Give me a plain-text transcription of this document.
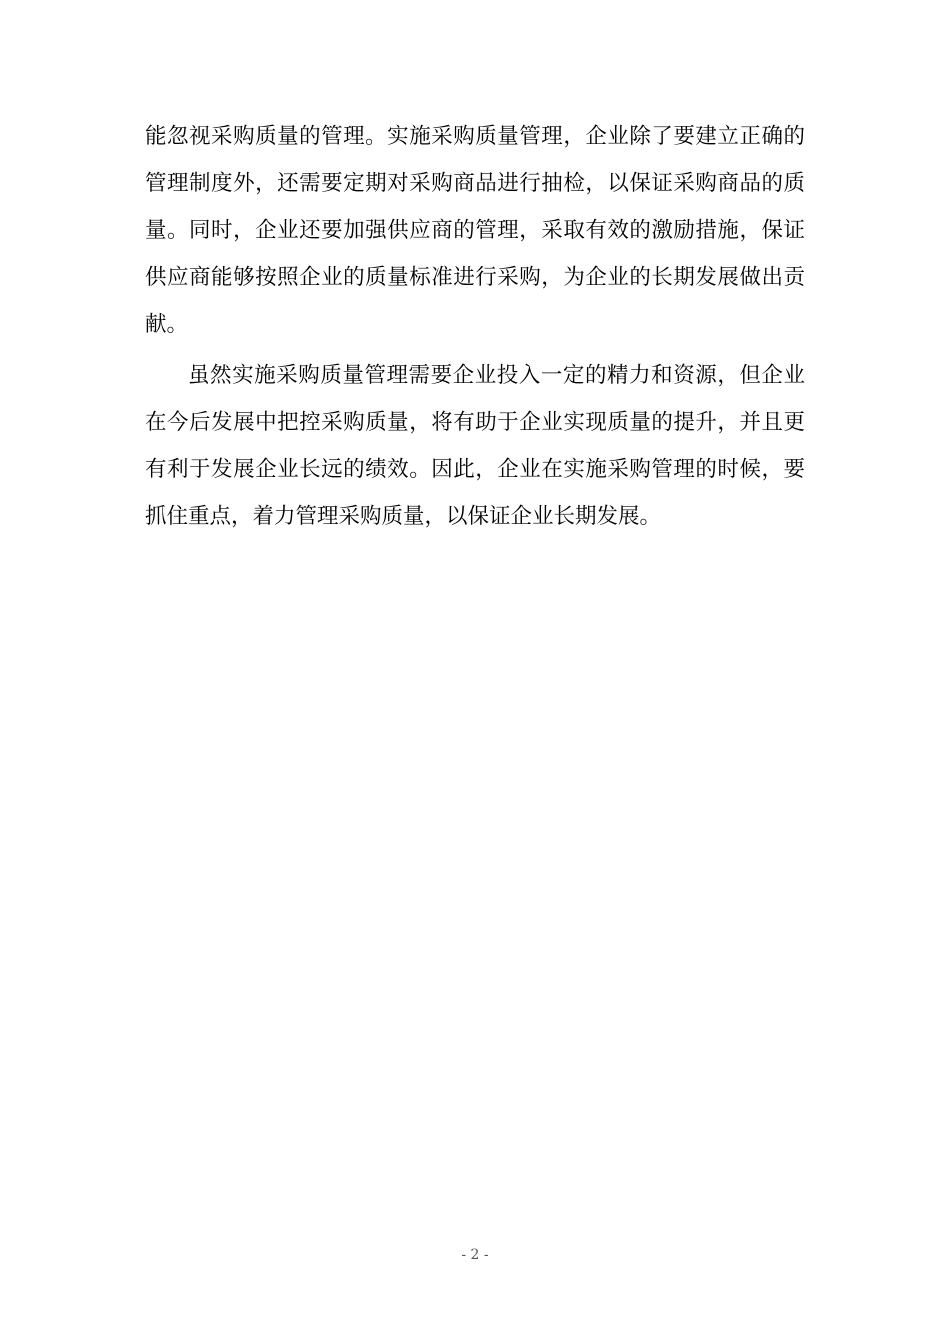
能忽视采购质量的管理。实施采购质量管理，企业除了要建立正确的
管理制度外，还需要定期对采购商品进行抽检，以保证采购商品的质
量。同时，企业还要加强供应商的管理，采取有效的激励措施，保证
供应商能够按照企业的质量标准进行采购，为企业的长期发展做出贡
献。
虽然实施采购质量管理需要企业投入一定的精力和资源，但企业
在今后发展中把控采购质量，将有助于企业实现质量的提升，并且更
有利于发展企业长远的绩效。因此，企业在实施采购管理的时候，要
抓住重点，着力管理采购质量，以保证企业长期发展。
- 2 -
